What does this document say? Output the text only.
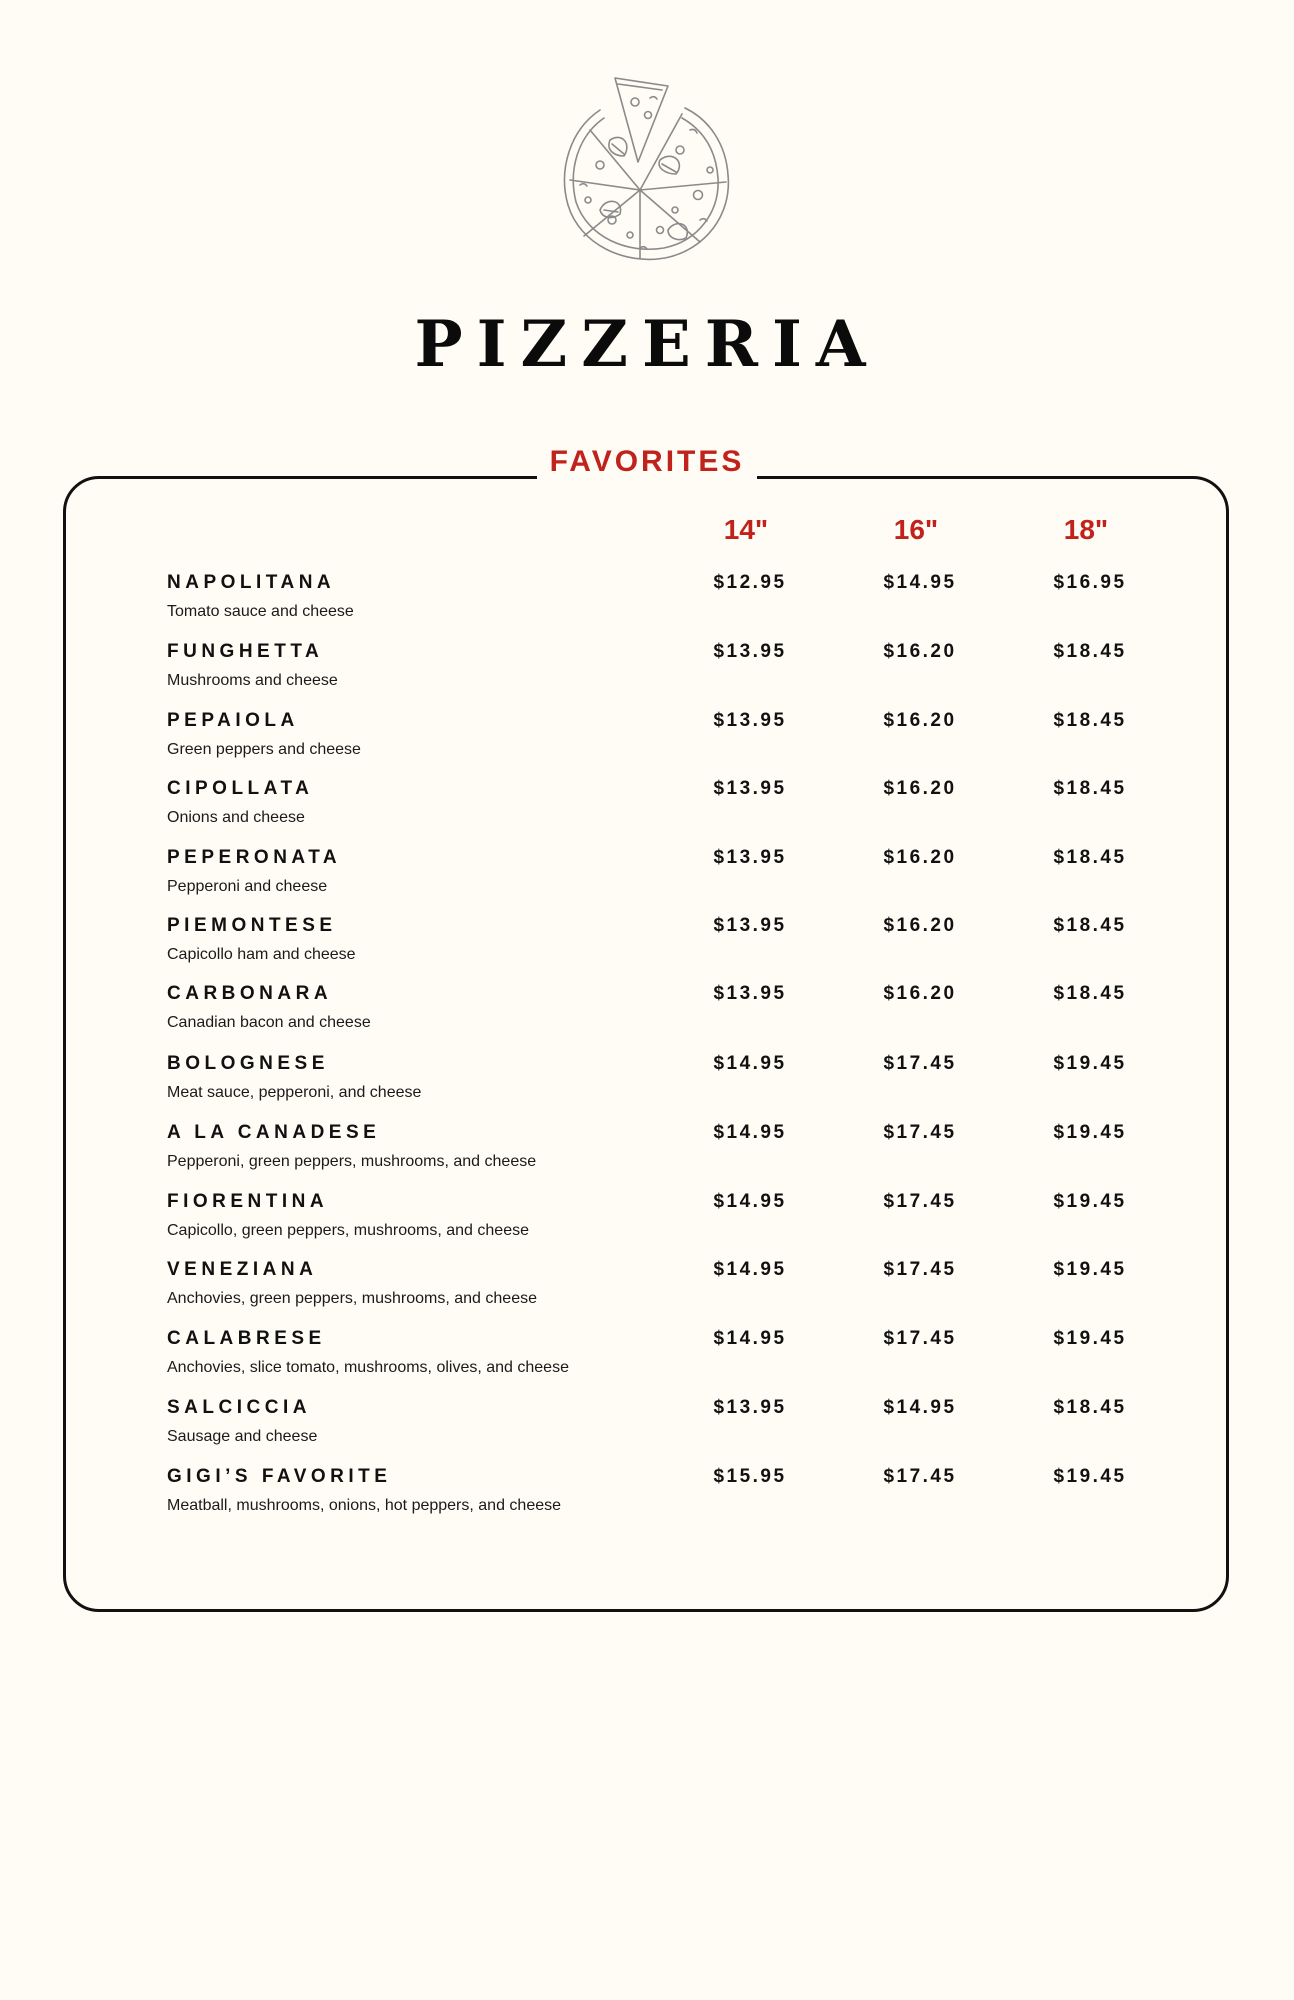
PIZZERIA
FAVORITES
14"	16"	18"
NAPOLITANA
Tomato sauce and cheese
$12.95	$14.95	$16.95
FUNGHETTA
Mushrooms and cheese
$13.95	$16.20	$18.45
PEPAIOLA
Green peppers and cheese
$13.95	$16.20	$18.45
CIPOLLATA
Onions and cheese
$13.95	$16.20	$18.45
PEPERONATA
Pepperoni and cheese
$13.95	$16.20	$18.45
PIEMONTESE
Capicollo ham and cheese
$13.95	$16.20	$18.45
CARBONARA
Canadian bacon and cheese
$13.95	$16.20	$18.45
BOLOGNESE
Meat sauce, pepperoni, and cheese
$14.95	$17.45	$19.45
A LA CANADESE
Pepperoni, green peppers, mushrooms, and cheese
$14.95	$17.45	$19.45
FIORENTINA
Capicollo, green peppers, mushrooms, and cheese
$14.95	$17.45	$19.45
VENEZIANA
Anchovies, green peppers, mushrooms, and cheese
$14.95	$17.45	$19.45
CALABRESE
Anchovies, slice tomato, mushrooms, olives, and cheese
$14.95	$17.45	$19.45
SALCICCIA
Sausage and cheese
$13.95	$14.95	$18.45
GIGI’S FAVORITE
Meatball, mushrooms, onions, hot peppers, and cheese
$15.95	$17.45	$19.45
